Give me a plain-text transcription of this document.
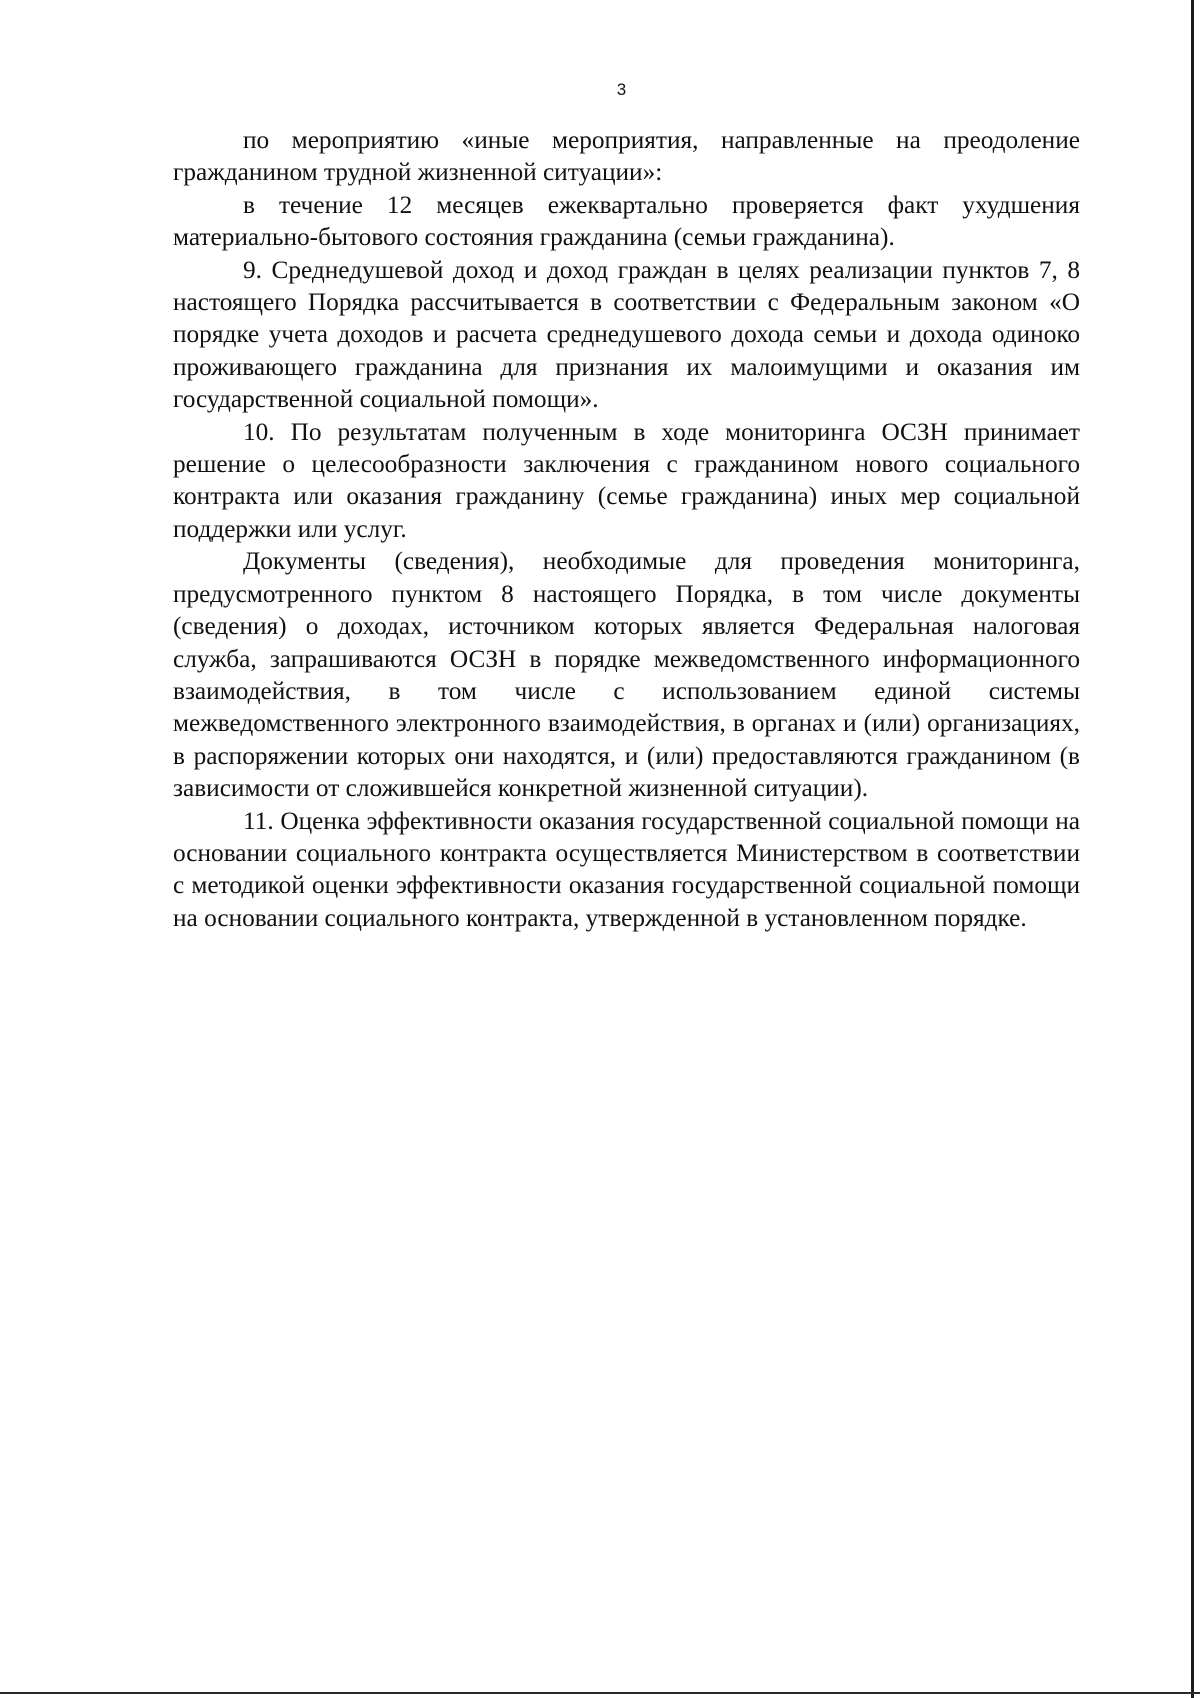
3

по мероприятию «иные мероприятия, направленные на преодоление гражданином трудной жизненной ситуации»:

в течение 12 месяцев ежеквартально проверяется факт ухудшения материально-бытового состояния гражданина (семьи гражданина).

9. Среднедушевой доход и доход граждан в целях реализации пунктов 7, 8 настоящего Порядка рассчитывается в соответствии с Федеральным законом «О порядке учета доходов и расчета среднедушевого дохода семьи и дохода одиноко проживающего гражданина для признания их малоимущими и оказания им государственной социальной помощи».

10. По результатам полученным в ходе мониторинга ОСЗН принимает решение о целесообразности заключения с гражданином нового социального контракта или оказания гражданину (семье гражданина) иных мер социальной поддержки или услуг.

Документы (сведения), необходимые для проведения мониторинга, предусмотренного пунктом 8 настоящего Порядка, в том числе документы (сведения) о доходах, источником которых является Федеральная налоговая служба, запрашиваются ОСЗН в порядке межведомственного информационного взаимодействия, в том числе с использованием единой системы межведомственного электронного взаимодействия, в органах и (или) организациях, в распоряжении которых они находятся, и (или) предоставляются гражданином (в зависимости от сложившейся конкретной жизненной ситуации).

11. Оценка эффективности оказания государственной социальной помощи на основании социального контракта осуществляется Министерством в соответствии с методикой оценки эффективности оказания государственной социальной помощи на основании социального контракта, утвержденной в установленном порядке.
